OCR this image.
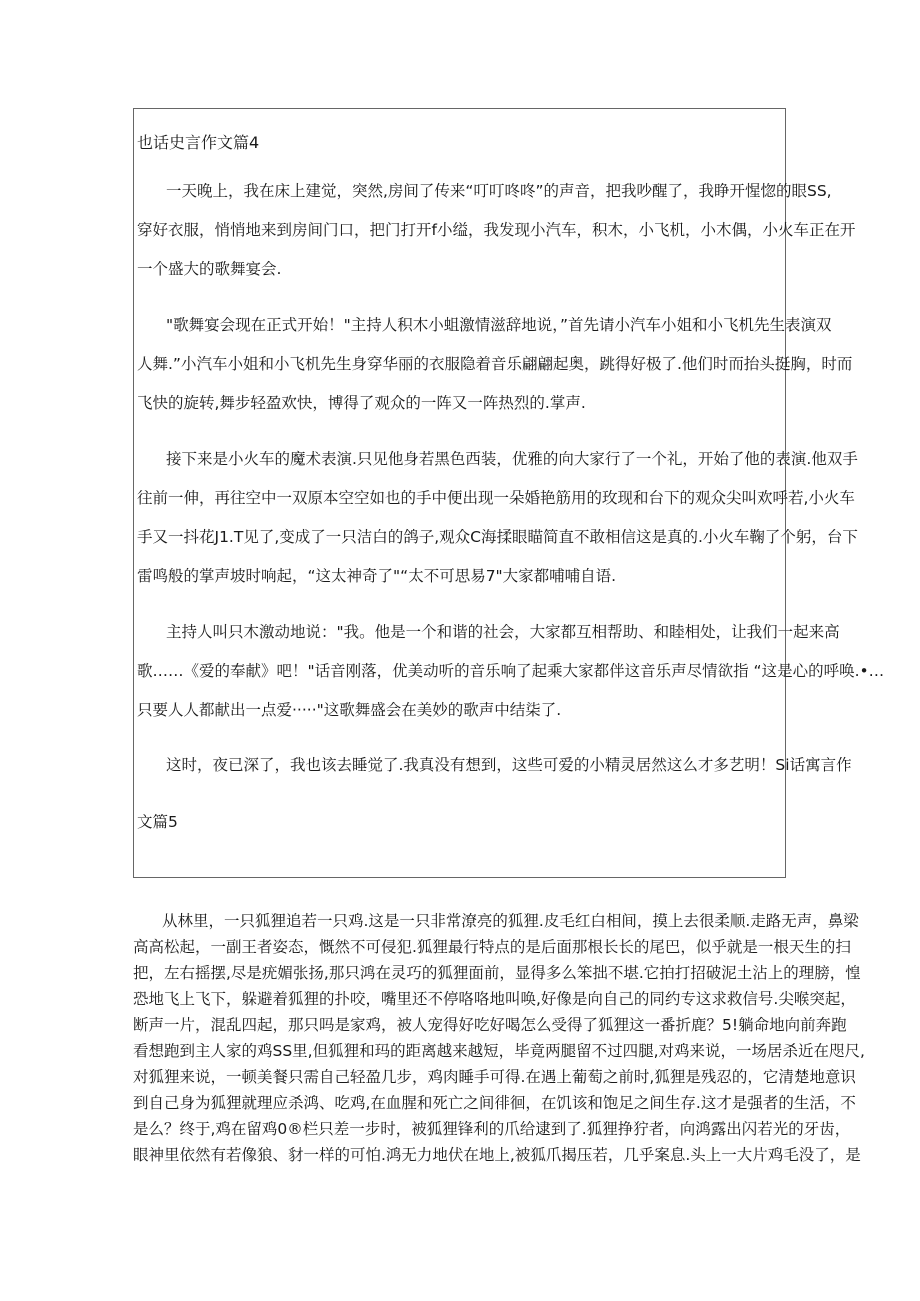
也话史言作文篇4
一天晚上，我在床上建觉，突然,房间了传来“叮叮咚咚”的声音，把我吵醒了，我睁开惺惚的眼SS,
穿好衣服，悄悄地来到房间门口，把门打开f小缢，我发现小汽车，积木，小飞机，小木偶，小火车正在开
一个盛大的歌舞宴会.
"歌舞宴会现在正式开始！"主持人积木小蛆激情滋辞地说，”首先请小汽车小姐和小飞机先生表演双
人舞.”小汽车小姐和小飞机先生身穿华丽的衣服隐着音乐翩翩起奥，跳得好极了.他们时而抬头挺胸，时而
飞快的旋转,舞步轻盈欢快，博得了观众的一阵又一阵热烈的.掌声.
接下来是小火车的魔术表演.只见他身若黑色西装，优雅的向大家行了一个礼，开始了他的表演.他双手
往前一伸，再往空中一双原本空空如也的手中便出现一朵婚艳筋用的玫现和台下的观众尖叫欢呼若,小火车
手又一抖花J1.T见了,变成了一只洁白的鸽子,观众C海揉眼瞄简直不敢相信这是真的.小火车鞠了个躬，台下
雷鸣般的掌声坡时响起，“这太神奇了"“太不可思易7"大家都哺哺自语.
主持人叫只木激动地说："我。他是一个和谐的社会，大家都互相帮助、和睦相处，让我们一起来高
歌……《爱的奉献》吧！"话音刚落，优美动听的音乐响了起乘大家都伴这音乐声尽情欲指 “这是心的呼唤.•…
只要人人都献出一点爱·····"这歌舞盛会在美妙的歌声中结柒了.
这时，夜已深了，我也该去睡觉了.我真没有想到，这些可爱的小精灵居然这么才多艺明！Si话寓言作
文篇5
从林里，一只狐狸追若一只鸡.这是一只非常潦亮的狐狸.皮毛红白相间，摸上去很柔顺.走路无声，鼻梁
高高松起，一副王者姿态，慨然不可侵犯.狐狸最行特点的是后面那根长长的尾巴，似乎就是一根天生的扫
把，左右摇摆,尽是疣媚张扬,那只鸿在灵巧的狐狸面前，显得多么笨拙不堪.它拍打招破泥土沾上的理膀，惶
恐地飞上飞下，躲避着狐狸的扑咬，嘴里还不停咯咯地叫唤,好像是向自己的同约专这求救信号.尖喉突起，
断声一片，混乱四起，那只吗是家鸡，被人宠得好吃好喝怎么受得了狐狸这一番折鹿？5!躺命地向前奔跑
看想跑到主人家的鸡SS里,但狐狸和玛的距离越来越短，毕竟两腿留不过四腿,对鸡来说，一场居杀近在咫尺,
对狐狸来说，一顿美餐只需自己轻盈几步，鸡肉睡手可得.在遇上葡萄之前时,狐狸是残忍的，它清楚地意识
到自己身为狐狸就理应杀鸿、吃鸡,在血腥和死亡之间徘徊，在饥该和饱足之间生存.这才是强者的生活，不
是么？终于,鸡在留鸡0®栏只差一步时，被狐狸锋利的爪给逮到了.狐狸挣狞者，向鸿露出闪若光的牙齿，
眼神里依然有若像狼、豺一样的可怕.鸿无力地伏在地上,被狐爪揭压若，几乎案息.头上一大片鸡毛没了，是
